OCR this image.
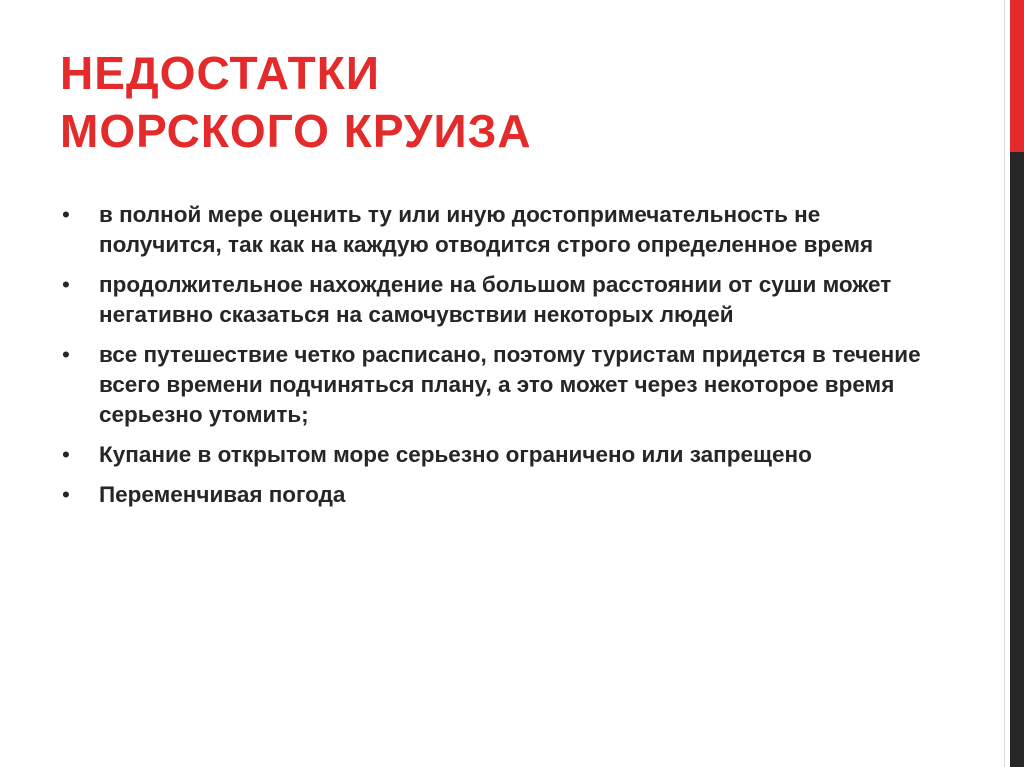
НЕДОСТАТКИ
МОРСКОГО КРУИЗА
• в полной мере оценить ту или иную достопримечательность не получится, так как на каждую отводится строго определенное время
• продолжительное нахождение на большом расстоянии от суши может негативно сказаться на самочувствии некоторых людей
• все путешествие четко расписано, поэтому туристам придется в течение всего времени подчиняться плану, а это может через некоторое время серьезно утомить;
• Купание в открытом море серьезно ограничено или запрещено
• Переменчивая погода
